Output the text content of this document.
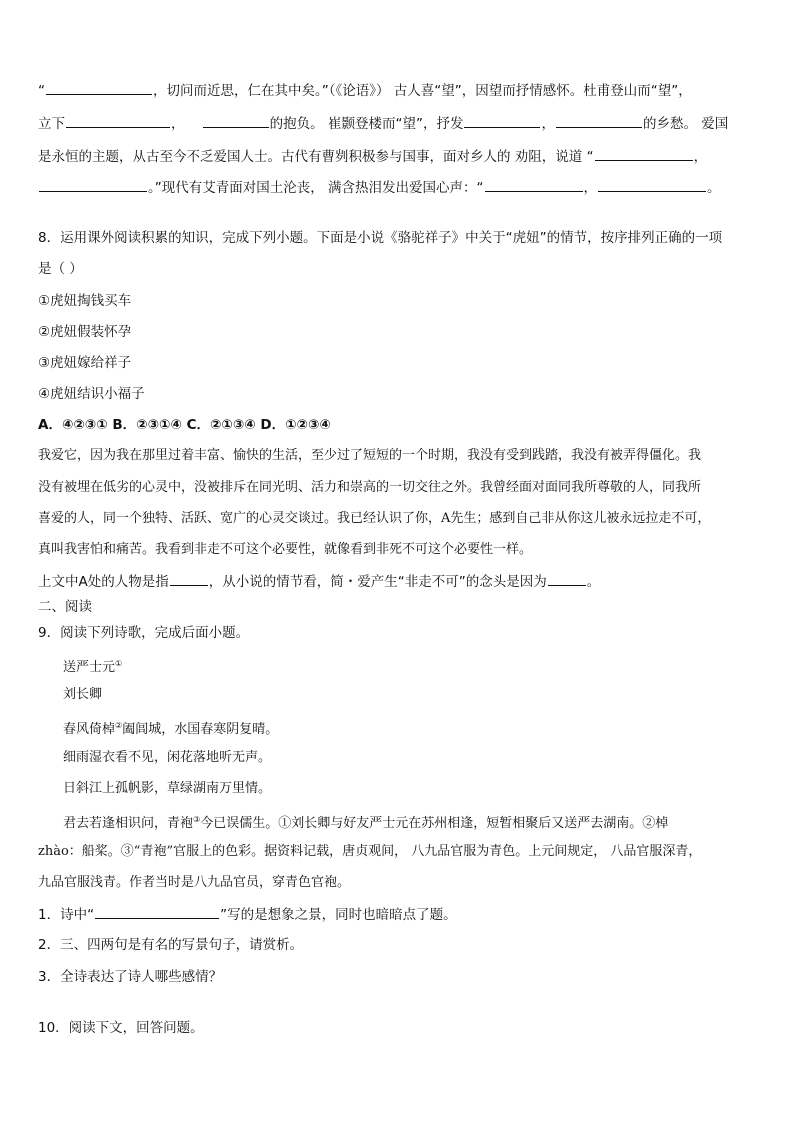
“	，切问而近思，仁在其中矣。”（《论语》） 古人喜“望”，因望而抒情感怀。杜甫登山而“望”，
立下	，	的抱负。 崔颢登楼而“望”，抒发	，	的乡愁。 爱国
是永恒的主题，从古至今不乏爱国人士。古代有曹刿积极参与国事，面对乡人的 劝阻，说道 “	，
。”现代有艾青面对国土沦丧， 满含热泪发出爱国心声：“	，	。
8．运用课外阅读积累的知识，完成下列小题。下面是小说《骆驼祥子》中关于“虎妞”的情节，按序排列正确的一项
是（ ）
①虎妞掏钱买车
②虎妞假装怀孕
③虎妞嫁给祥子
④虎妞结识小福子
A．④②③① B．②③①④ C．②①③④ D．①②③④
我爱它，因为我在那里过着丰富、愉快的生活，至少过了短短的一个时期，我没有受到践踏，我没有被弄得僵化。我
没有被埋在低劣的心灵中，没被排斥在同光明、活力和崇高的一切交往之外。我曾经面对面同我所尊敬的人，同我所
喜爱的人，同一个独特、活跃、宽广的心灵交谈过。我已经认识了你，A先生；感到自己非从你这儿被永远拉走不可，
真叫我害怕和痛苦。我看到非走不可这个必要性，就像看到非死不可这个必要性一样。
上文中A处的人物是指	，从小说的情节看，简・爱产生“非走不可”的念头是因为	。
二、阅读
9．阅读下列诗歌，完成后面小题。
送严士元①
刘长卿
春风倚棹②阖闾城，水国春寒阴复晴。
细雨湿衣看不见，闲花落地听无声。
日斜江上孤帆影，草绿湖南万里情。
君去若逢相识问，青袍③今已误儒生。①刘长卿与好友严士元在苏州相逢，短暂相聚后又送严去湖南。②棹
zhào：船桨。③“青袍”官服上的色彩。据资料记载，唐贞观间， 八九品官服为青色。上元间规定， 八品官服深青，
九品官服浅青。作者当时是八九品官员，穿青色官袍。
1．诗中“	”写的是想象之景，同时也暗暗点了题。
2．三、四两句是有名的写景句子，请赏析。
3．全诗表达了诗人哪些感情？
10．阅读下文，回答问题。
